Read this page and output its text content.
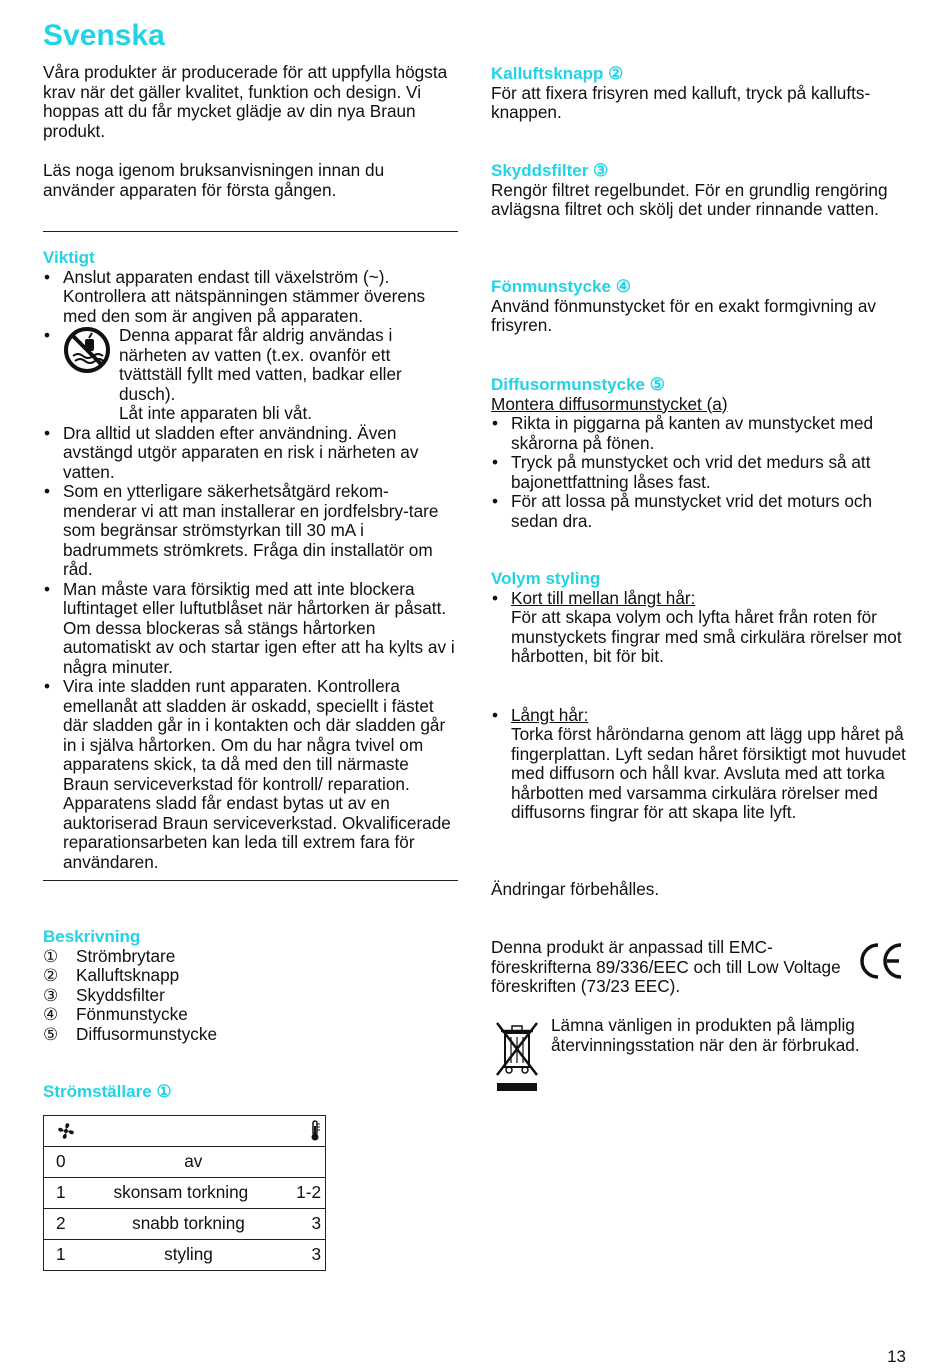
Svenska

Våra produkter är producerade för att uppfylla högsta krav när det gäller kvalitet, funktion och design. Vi hoppas att du får mycket glädje av din nya Braun produkt.

Läs noga igenom bruksanvisningen innan du använder apparaten för första gången.

Viktigt

• Anslut apparaten endast till växelström (~). Kontrollera att nätspänningen stämmer överens med den som är angiven på apparaten.
• Denna apparat får aldrig användas i närheten av vatten (t.ex. ovanför ett tvättställ fyllt med vatten, badkar eller dusch).
Låt inte apparaten bli våt.
• Dra alltid ut sladden efter användning. Även avstängd utgör apparaten en risk i närheten av vatten.
• Som en ytterligare säkerhetsåtgärd rekom-menderar vi att man installerar en jordfelsbry-tare som begränsar strömstyrkan till 30 mA i badrummets strömkrets. Fråga din installatör om råd.
• Man måste vara försiktig med att inte blockera luftintaget eller luftutblåset när hårtorken är påsatt. Om dessa blockeras så stängs hårtorken automatiskt av och startar igen efter att ha kylts av i några minuter.
• Vira inte sladden runt apparaten. Kontrollera emellanåt att sladden är oskadd, speciellt i fästet där sladden går in i kontakten och där sladden går in i själva hårtorken. Om du har några tvivel om apparatens skick, ta då med den till närmaste Braun serviceverkstad för kontroll/ reparation. Apparatens sladd får endast bytas ut av en auktoriserad Braun serviceverkstad. Okvalificerade reparationsarbeten kan leda till extrem fara för användaren.

Beskrivning

①	Strömbrytare
②	Kalluftsknapp
③	Skyddsfilter
④	Fönmunstycke
⑤	Diffusormunstycke

Strömställare ①

0	av

1	skonsam torkning	1-2

2	snabb torkning	3

1	styling	3

Kalluftsknapp ②

För att fixera frisyren med kalluft, tryck på kallufts-knappen.

Skyddsfilter ③

Rengör filtret regelbundet. För en grundlig rengöring avlägsna filtret och skölj det under rinnande vatten.

Fönmunstycke ④

Använd fönmunstycket för en exakt formgivning av frisyren.

Diffusormunstycke ⑤

Montera diffusormunstycket (a)

• Rikta in piggarna på kanten av munstycket med skårorna på fönen.
• Tryck på munstycket och vrid det medurs så att bajonettfattning låses fast.
• För att lossa på munstycket vrid det moturs och sedan dra.

Volym styling

• Kort till mellan långt hår:
För att skapa volym och lyfta håret från roten för munstyckets fingrar med små cirkulära rörelser mot hårbotten, bit för bit.
• Långt hår:
Torka först håröndarna genom att lägg upp håret på fingerplattan. Lyft sedan håret försiktigt mot huvudet med diffusorn och håll kvar. Avsluta med att torka hårbotten med varsamma cirkulära rörelser med diffusorns fingrar för att skapa lite lyft.

Ändringar förbehålles.

Denna produkt är anpassad till EMC-föreskrifterna 89/336/EEC och till Low Voltage föreskriften (73/23 EEC).

Lämna vänligen in produkten på lämplig återvinningsstation när den är förbrukad.

13
